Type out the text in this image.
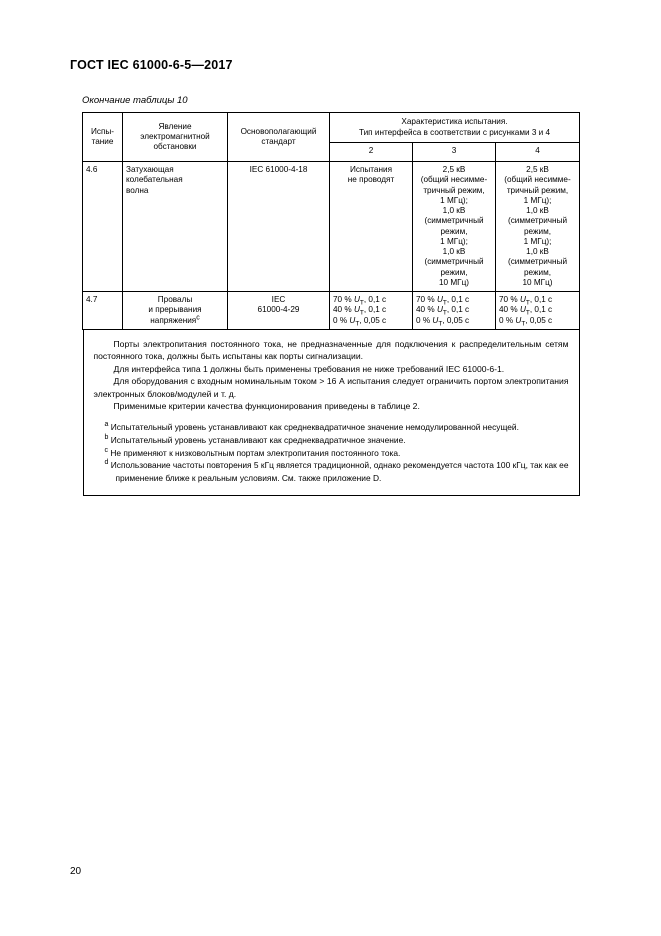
ГОСТ IEC 61000-6-5—2017
Окончание таблицы 10
Испы-
тание	Явление
электромагнитной
обстановки	Основополагающий
стандарт	Характеристика испытания.
Тип интерфейса в соответствии с рисунками 3 и 4		
			2	3	4
4.6	Затухающая
колебательная
волна	IEC 61000-4-18	Испытания
не проводят	2,5 кВ
(общий несимме-
тричный режим,
1 МГц);
1,0 кВ
(симметричный
режим,
1 МГц);
1,0 кВ
(симметричный
режим,
10 МГц)	2,5 кВ
(общий несимме-
тричный режим,
1 МГц);
1,0 кВ
(симметричный
режим,
1 МГц);
1,0 кВ
(симметричный
режим,
10 МГц)
4.7	Провалы
и прерывания
напряжения$^c$	IEC
61000-4-29	70 % $U_T$, 0,1 с
40 % $U_T$, 0,1 с
0 % $U_T$, 0,05 с	70 % $U_T$, 0,1 с
40 % $U_T$, 0,1 с
0 % $U_T$, 0,05 с	70 % $U_T$, 0,1 с
40 % $U_T$, 0,1 с
0 % $U_T$, 0,05 с

Порты электропитания постоянного тока, не предназначенные для подключения к распределительным сетям постоянного тока, должны быть испытаны как порты сигнализации.

Для интерфейса типа 1 должны быть применены требования не ниже требований IEC 61000-6-1.

Для оборудования с входным номинальным током > 16 А испытания следует ограничить портом электропитания электронных блоков/модулей и т. д.

Применимые критерии качества функционирования приведены в таблице 2.

$^a$ Испытательный уровень устанавливают как среднеквадратичное значение немодулированной несущей.

$^b$ Испытательный уровень устанавливают как среднеквадратичное значение.

$^c$ Не применяют к низковольтным портам электропитания постоянного тока.

$^d$ Использование частоты повторения 5 кГц является традиционной, однако рекомендуется частота 100 кГц, так как ее применение ближе к реальным условиям. См. также приложение D.

20
